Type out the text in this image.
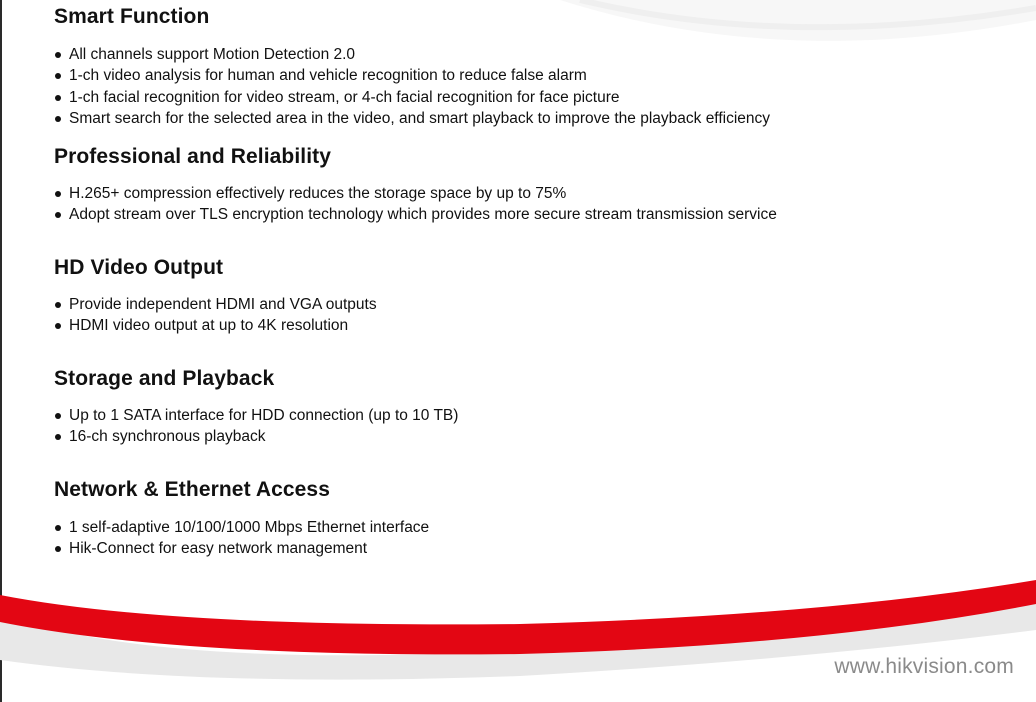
Smart Function
All channels support Motion Detection 2.0
1-ch video analysis for human and vehicle recognition to reduce false alarm
1-ch facial recognition for video stream, or 4-ch facial recognition for face picture
Smart search for the selected area in the video, and smart playback to improve the playback efficiency
Professional and Reliability
H.265+ compression effectively reduces the storage space by up to 75%
Adopt stream over TLS encryption technology which provides more secure stream transmission service
HD Video Output
Provide independent HDMI and VGA outputs
HDMI video output at up to 4K resolution
Storage and Playback
Up to 1 SATA interface for HDD connection (up to 10 TB)
16-ch synchronous playback
Network & Ethernet Access
1 self-adaptive 10/100/1000 Mbps Ethernet interface
Hik-Connect for easy network management
www.hikvision.com
